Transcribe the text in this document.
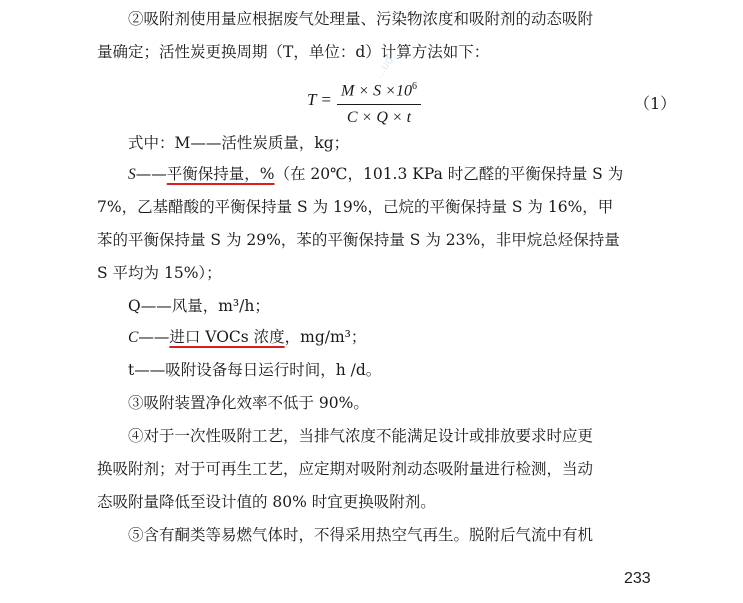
...ud
②吸附剂使用量应根据废气处理量、污染物浓度和吸附剂的动态吸附
量确定；活性炭更换周期（T，单位：d）计算方法如下：
$T = M \times S \times 10^6$
C × Q × t
（1）
式中：M——活性炭质量，kg；
S——平衡保持量，%（在 20℃，101.3 KPa 时乙醛的平衡保持量 S 为
7%，乙基醋酸的平衡保持量 S 为 19%，己烷的平衡保持量 S 为 16%，甲
苯的平衡保持量 S 为 29%，苯的平衡保持量 S 为 23%，非甲烷总烃保持量
S 平均为 15%）；
Q——风量，m³/h；
C——进口 VOCs 浓度，mg/m³；
t——吸附设备每日运行时间，h /d。
③吸附装置净化效率不低于 90%。
④对于一次性吸附工艺，当排气浓度不能满足设计或排放要求时应更
换吸附剂；对于可再生工艺，应定期对吸附剂动态吸附量进行检测，当动
态吸附量降低至设计值的 80% 时宜更换吸附剂。
⑤含有酮类等易燃气体时，不得采用热空气再生。脱附后气流中有机
233
